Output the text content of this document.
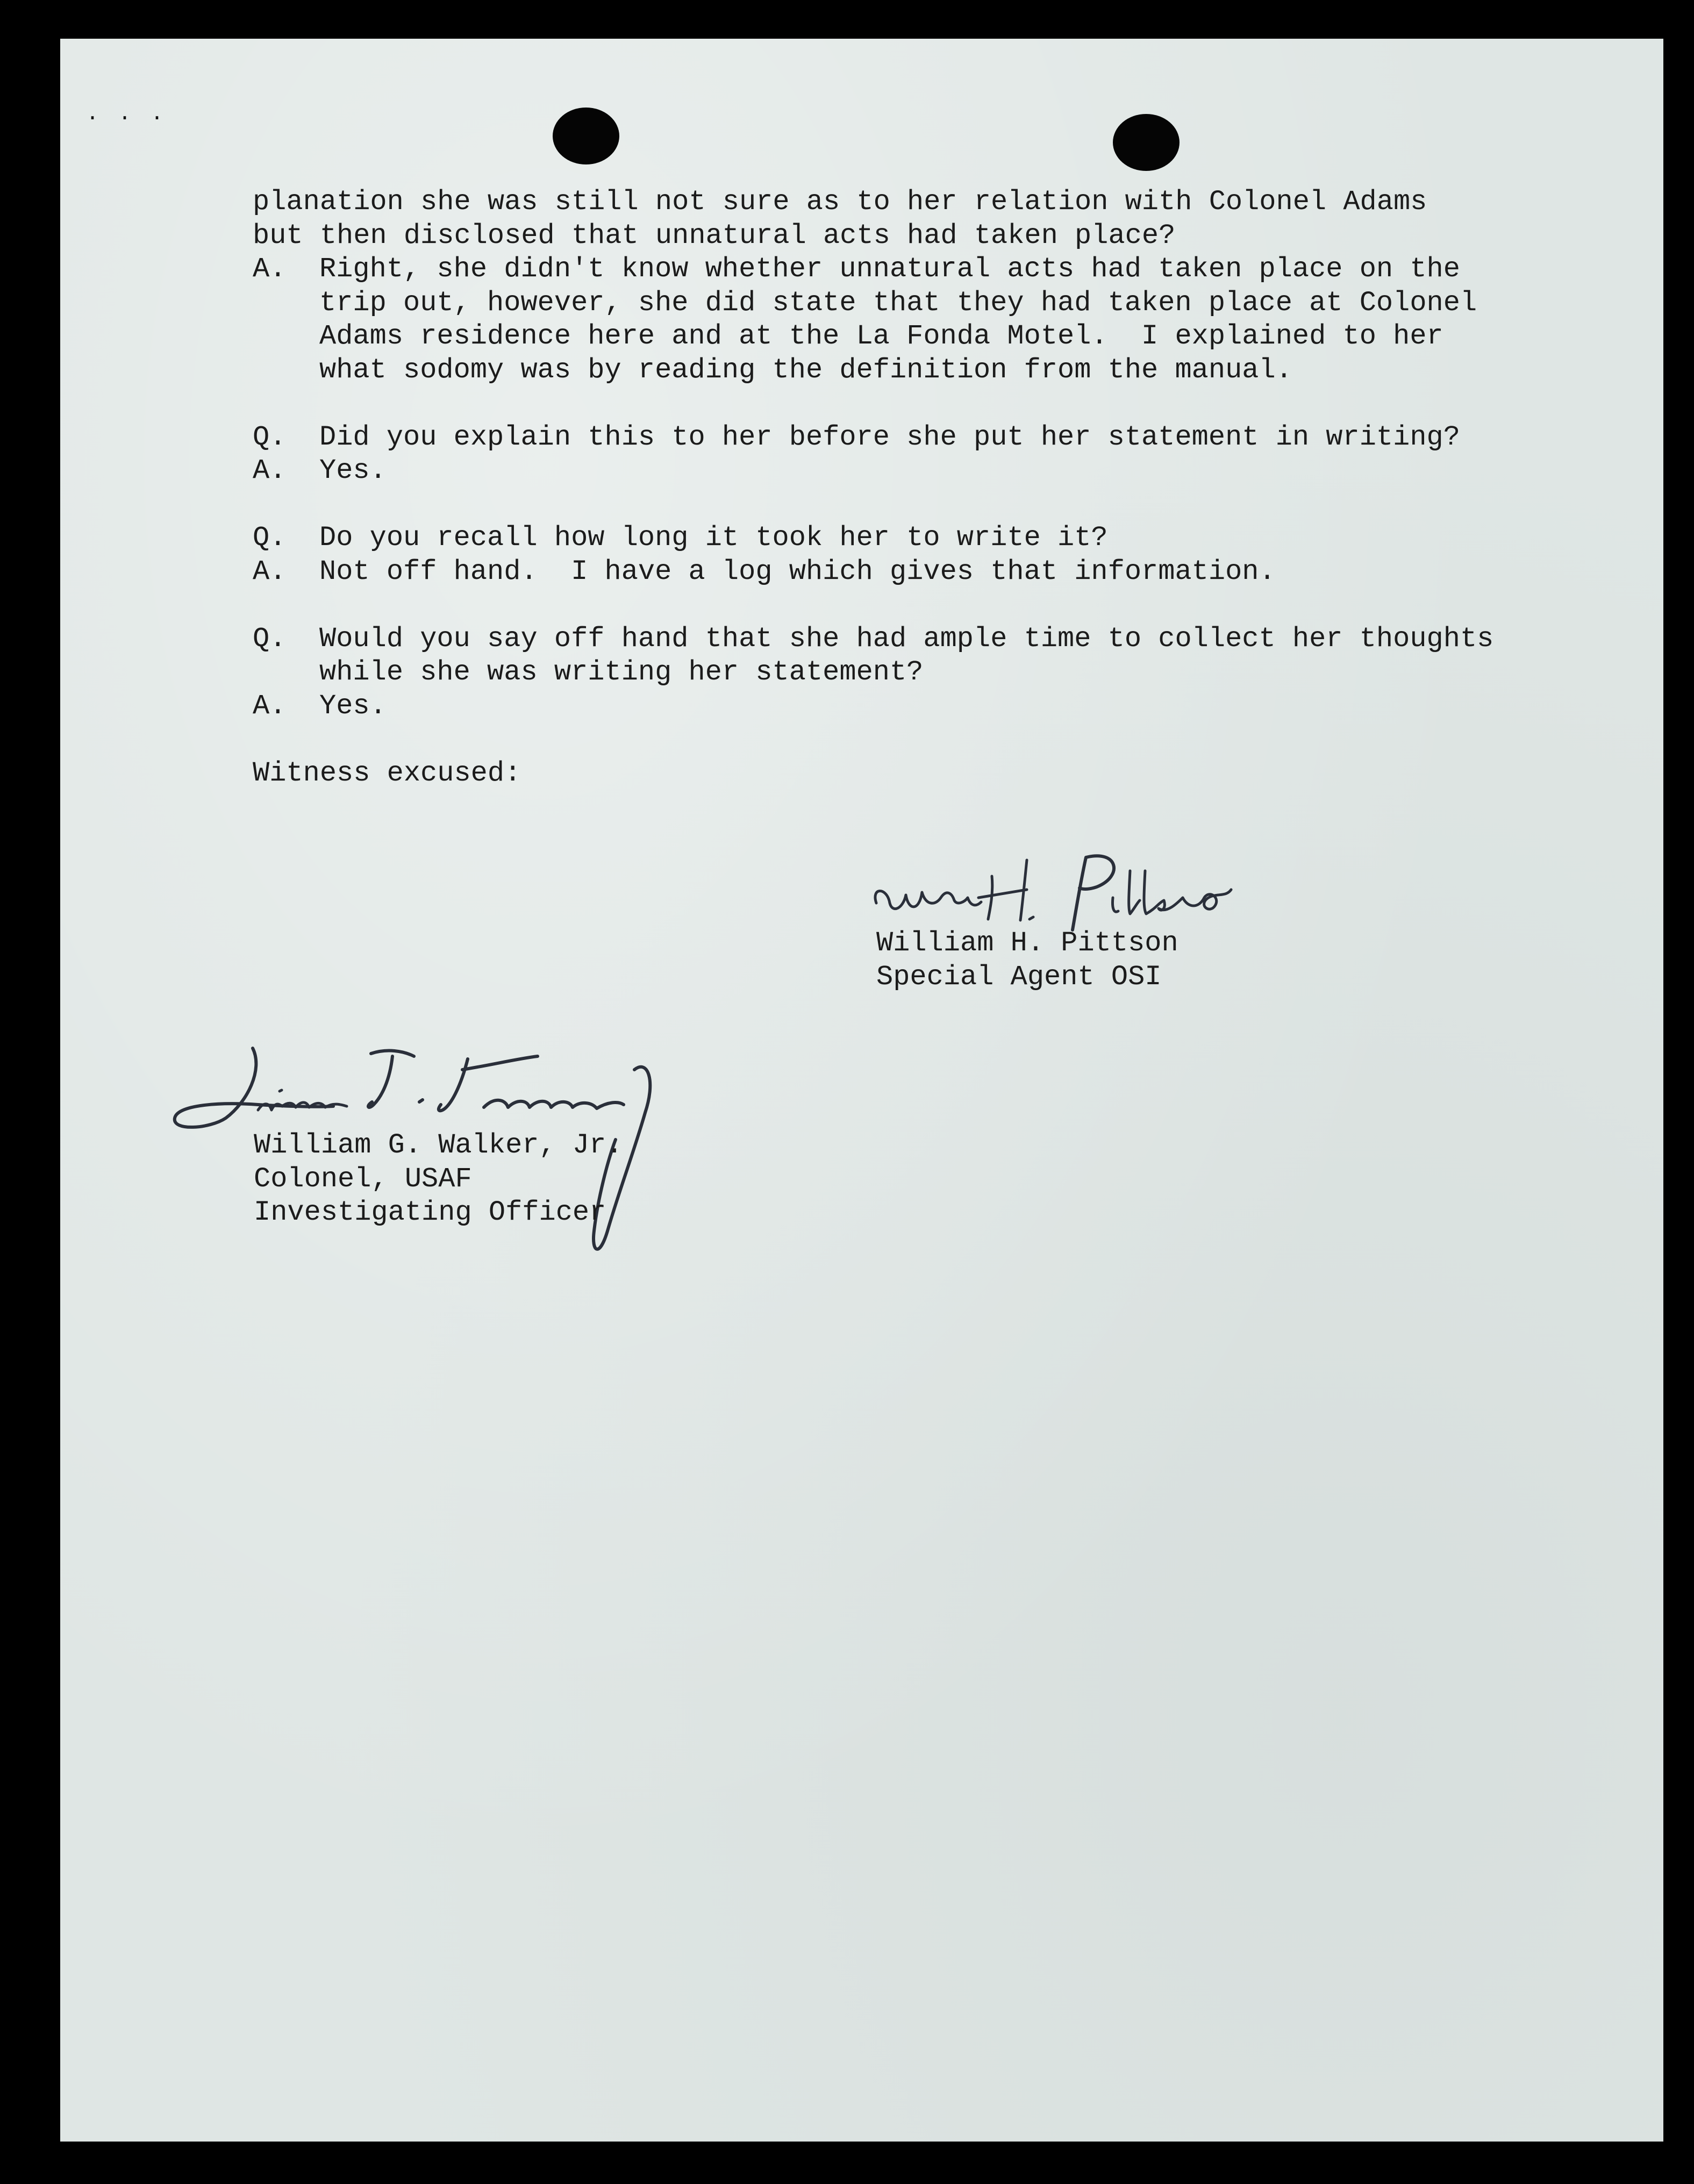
. . .
planation she was still not sure as to her relation with Colonel Adams
but then disclosed that unnatural acts had taken place?
A.	Right, she didn't know whether unnatural acts had taken place on the
trip out, however, she did state that they had taken place at Colonel
Adams residence here and at the La Fonda Motel.  I explained to her
what sodomy was by reading the definition from the manual.
Q.	Did you explain this to her before she put her statement in writing?
A.	Yes.
Q.	Do you recall how long it took her to write it?
A.	Not off hand.  I have a log which gives that information.
Q.	Would you say off hand that she had ample time to collect her thoughts
while she was writing her statement?
A.	Yes.
Witness excused:
William H. Pittson
Special Agent OSI
William G. Walker, Jr.
Colonel, USAF
Investigating Officer
